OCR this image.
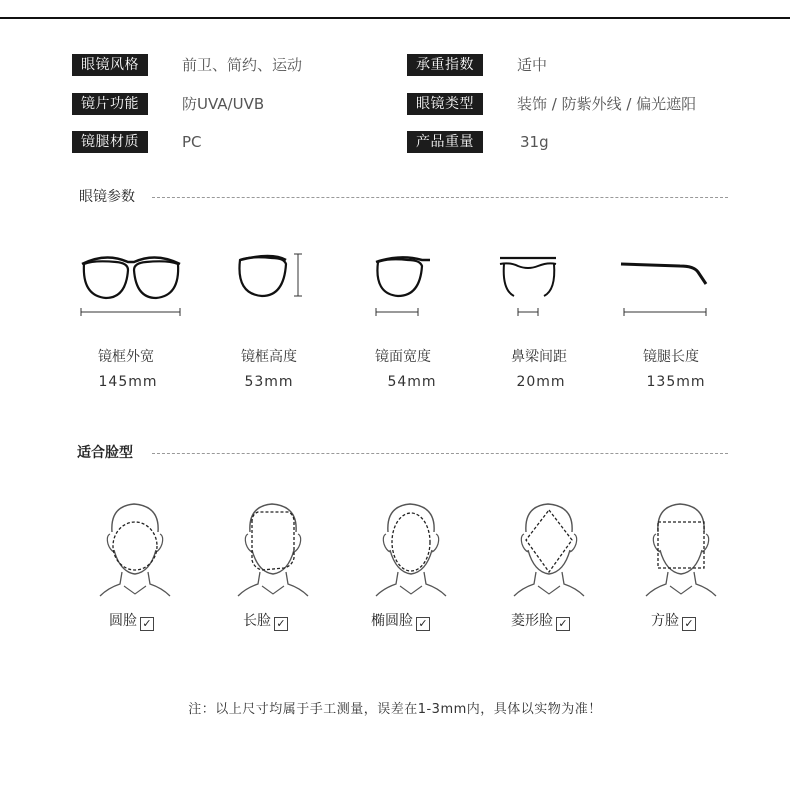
眼镜风格	前卫、简约、运动	承重指数	适中
镜片功能	防UVA/UVB	眼镜类型	装饰 / 防紫外线 / 偏光遮阳
镜腿材质	PC	产品重量	31g
眼镜参数
镜框外宽
145mm
镜框高度
53mm
镜面宽度
54mm
鼻梁间距
20mm
镜腿长度
135mm
适合脸型
圆脸 ✓	长脸 ✓	椭圆脸 ✓	菱形脸 ✓	方脸 ✓
注：以上尺寸均属于手工测量，误差在1-3mm内，具体以实物为准！
